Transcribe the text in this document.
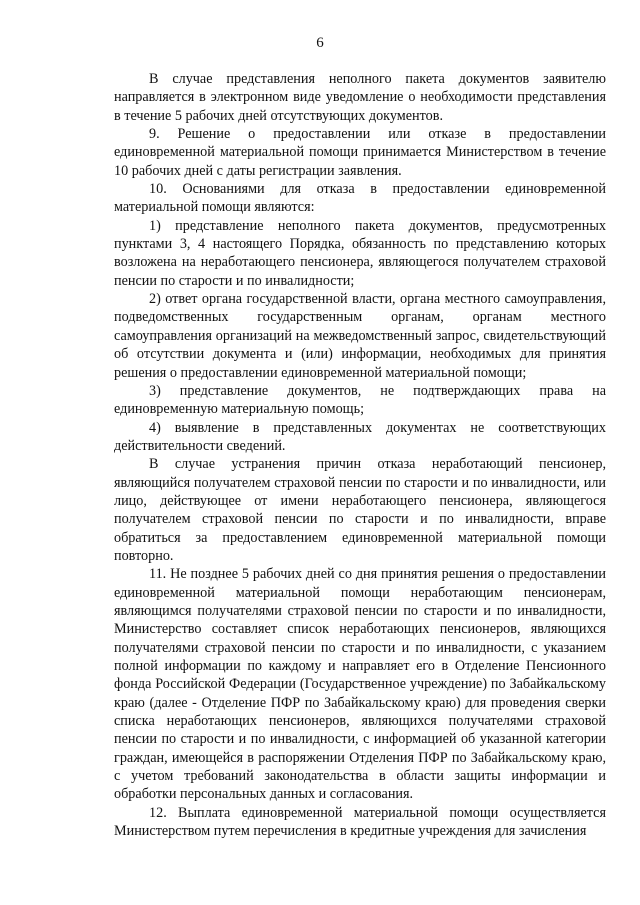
6

В случае представления неполного пакета документов заявителю направляется в электронном виде уведомление о необходимости представления в течение 5 рабочих дней отсутствующих документов.

9. Решение о предоставлении или отказе в предоставлении единовременной материальной помощи принимается Министерством в течение 10 рабочих дней с даты регистрации заявления.

10. Основаниями для отказа в предоставлении единовременной материальной помощи являются:

1) представление неполного пакета документов, предусмотренных пунктами 3, 4 настоящего Порядка, обязанность по представлению которых возложена на неработающего пенсионера, являющегося получателем страховой пенсии по старости и по инвалидности;

2) ответ органа государственной власти, органа местного самоуправления, подведомственных государственным органам, органам местного самоуправления организаций на межведомственный запрос, свидетельствующий об отсутствии документа и (или) информации, необходимых для принятия решения о предоставлении единовременной материальной помощи;

3) представление документов, не подтверждающих права на единовременную материальную помощь;

4) выявление в представленных документах не соответствующих действительности сведений.

В случае устранения причин отказа неработающий пенсионер, являющийся получателем страховой пенсии по старости и по инвалидности, или лицо, действующее от имени неработающего пенсионера, являющегося получателем страховой пенсии по старости и по инвалидности, вправе обратиться за предоставлением единовременной материальной помощи повторно.

11. Не позднее 5 рабочих дней со дня принятия решения о предоставлении единовременной материальной помощи неработающим пенсионерам, являющимся получателями страховой пенсии по старости и по инвалидности, Министерство составляет список неработающих пенсионеров, являющихся получателями страховой пенсии по старости и по инвалидности, с указанием полной информации по каждому и направляет его в Отделение Пенсионного фонда Российской Федерации (Государственное учреждение) по Забайкальскому краю (далее - Отделение ПФР по Забайкальскому краю) для проведения сверки списка неработающих пенсионеров, являющихся получателями страховой пенсии по старости и по инвалидности, с информацией об указанной категории граждан, имеющейся в распоряжении Отделения ПФР по Забайкальскому краю, с учетом требований законодательства в области защиты информации и обработки персональных данных и согласования.

12. Выплата единовременной материальной помощи осуществляется Министерством путем перечисления в кредитные учреждения для зачисления
